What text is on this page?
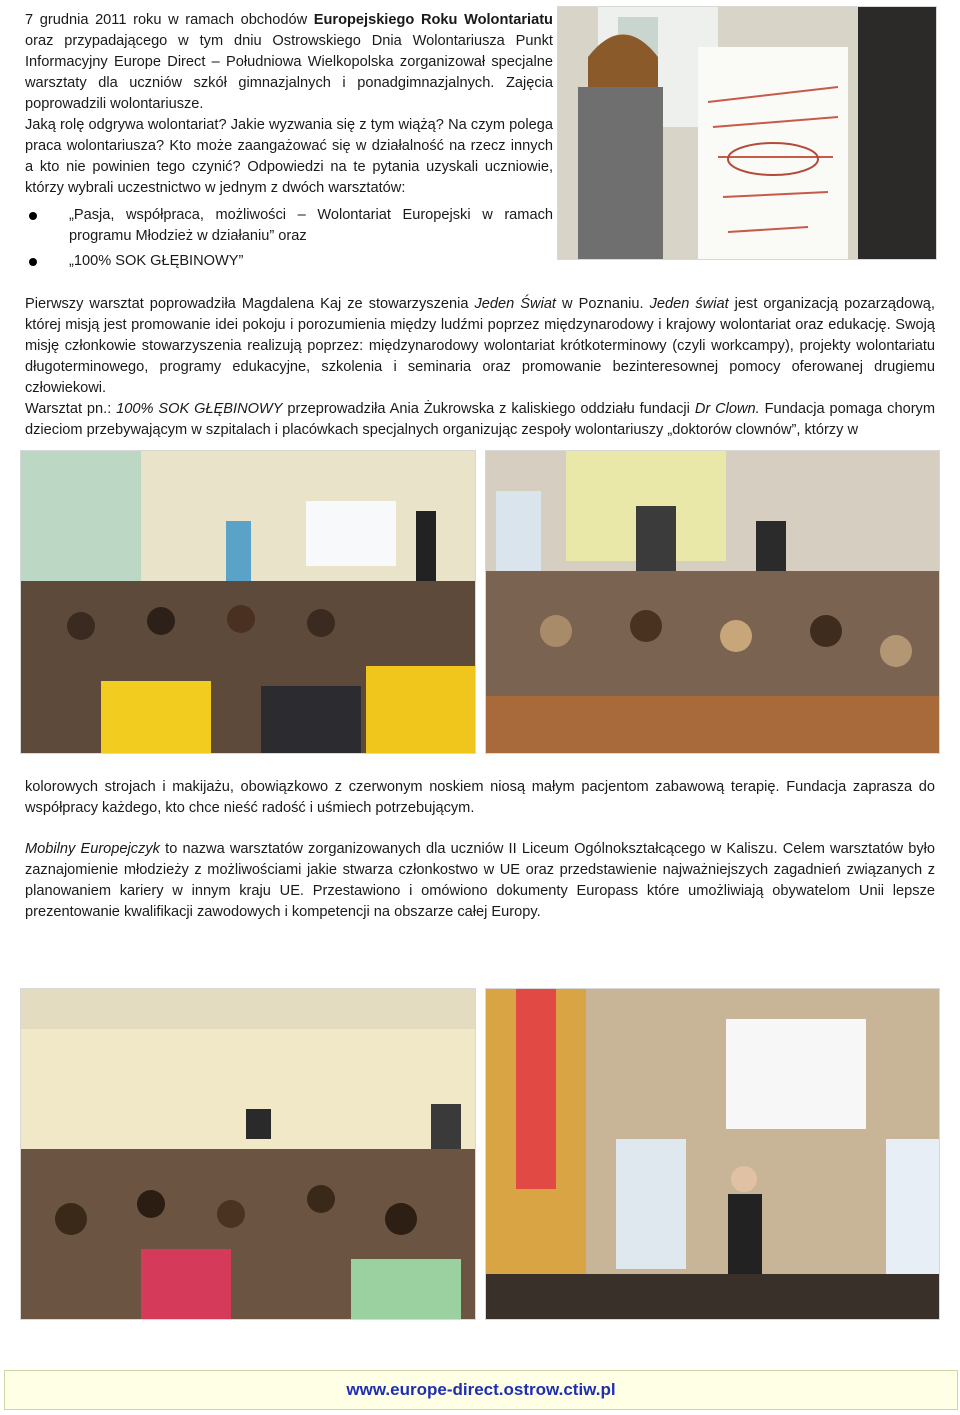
7 grudnia 2011 roku w ramach obchodów Europejskiego Roku Wolontariatu oraz przypadającego w tym dniu Ostrowskiego Dnia Wolontariusza Punkt Informacyjny Europe Direct – Południowa Wielkopolska zorganizował specjalne warsztaty dla uczniów szkół gimnazjalnych i ponadgimnazjalnych. Zajęcia poprowadzili wolontariusze.
Jaką rolę odgrywa wolontariat? Jakie wyzwania się z tym wiążą? Na czym polega praca wolontariusza? Kto może zaangażować się w działalność na rzecz innych a kto nie powinien tego czynić? Odpowiedzi na te pytania uzyskali uczniowie, którzy wybrali uczestnictwo w jednym z dwóch warsztatów:

„Pasja, współpraca, możliwości – Wolontariat Europejski w ramach programu Młodzież w działaniu” oraz
„100% SOK GŁĘBINOWY”

Pierwszy warsztat poprowadziła Magdalena Kaj ze stowarzyszenia Jeden Świat w Poznaniu. Jeden świat jest organizacją pozarządową, której misją jest promowanie idei pokoju i porozumienia między ludźmi poprzez międzynarodowy i krajowy wolontariat oraz edukację. Swoją misję członkowie stowarzyszenia realizują poprzez: międzynarodowy wolontariat krótkoterminowy (czyli workcampy), projekty wolontariatu długoterminowego, programy edukacyjne, szkolenia i seminaria oraz promowanie bezinteresownej pomocy oferowanej drugiemu człowiekowi.
Warsztat pn.: 100% SOK GŁĘBINOWY przeprowadziła Ania Żukrowska z kaliskiego oddziału fundacji Dr Clown. Fundacja pomaga chorym dzieciom przebywającym w szpitalach i placówkach specjalnych organizując zespoły wolontariuszy „doktorów clownów”, którzy w

kolorowych strojach i makijażu, obowiązkowo z czerwonym noskiem niosą małym pacjentom zabawową terapię. Fundacja zaprasza do współpracy każdego, kto chce nieść radość i uśmiech potrzebującym.

Mobilny Europejczyk to nazwa warsztatów zorganizowanych dla uczniów II Liceum Ogólnokształcącego w Kaliszu. Celem warsztatów było zaznajomienie młodzieży z możliwościami jakie stwarza członkostwo w UE oraz przedstawienie najważniejszych zagadnień związanych z planowaniem kariery w innym kraju UE. Przestawiono i omówiono dokumenty Europass które umożliwiają obywatelom Unii lepsze prezentowanie kwalifikacji zawodowych i kompetencji na obszarze całej Europy.

www.europe-direct.ostrow.ctiw.pl
